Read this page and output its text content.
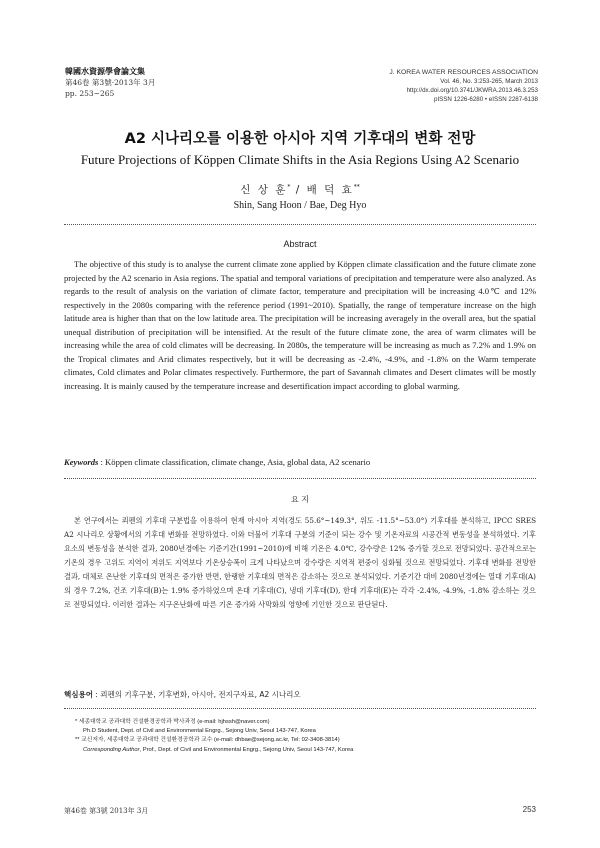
韓國水資源學會論文集
第46卷 第3號·2013年 3月
pp. 253~265
J. KOREA WATER RESOURCES ASSOCIATION
Vol. 46, No. 3:253-265, March 2013
http://dx.doi.org/10.3741/JKWRA.2013.46.3.253
pISSN 1226-6280 • eISSN 2287-6138
A2 시나리오를 이용한 아시아 지역 기후대의 변화 전망
Future Projections of Köppen Climate Shifts in the Asia Regions Using A2 Scenario
신 상 훈* / 배 덕 효**
Shin, Sang Hoon / Bae, Deg Hyo
Abstract
The objective of this study is to analyse the current climate zone applied by Köppen climate classification and the future climate zone projected by the A2 scenario in Asia regions. The spatial and temporal variations of precipitation and temperature were also analyzed. As regards to the result of analysis on the variation of climate factor, temperature and precipitation will be increasing 4.0℃ and 12% respectively in the 2080s comparing with the reference period (1991~2010). Spatially, the range of temperature increase on the high latitude area is higher than that on the low latitude area. The precipitation will be increasing averagely in the overall area, but the spatial unequal distribution of precipitation will be intensified. At the result of the future climate zone, the area of warm climates will be increasing while the area of cold climates will be decreasing. In 2080s, the temperature will be increasing as much as 7.2% and 1.9% on the Tropical climates and Arid climates respectively, but it will be decreasing as -2.4%, -4.9%, and -1.8% on the Warm temperate climates, Cold climates and Polar climates respectively. Furthermore, the part of Savannah climates and Desert climates will be mostly increasing. It is mainly caused by the temperature increase and desertification impact according to global warming.
Keywords : Köppen climate classification, climate change, Asia, global data, A2 scenario
요 지
본 연구에서는 쾨펜의 기후대 구분법을 이용하여 현재 아시아 지역(경도 55.6°~149.3°, 위도 -11.5°~53.0°) 기후대를 분석하고, IPCC SRES A2 시나리오 상황에서의 기후대 변화를 전망하였다. 이와 더불어 기후대 구분의 기준이 되는 강수 및 기온자료의 시공간적 변동성을 분석하였다. 기후요소의 변동성을 분석한 결과, 2080년경에는 기준기간(1991~2010)에 비해 기온은 4.0℃, 강수량은 12% 증가할 것으로 전망되었다. 공간적으로는 기온의 경우 고위도 지역이 저위도 지역보다 기온상승폭이 크게 나타났으며 강수량은 지역적 편중이 심화될 것으로 전망되었다. 기후대 변화를 전망한 결과, 대체로 온난한 기후대의 면적은 증가한 반면, 한랭한 기후대의 면적은 감소하는 것으로 분석되었다. 기준기간 대비 2080년경에는 열대 기후대(A)의 경우 7.2%, 건조 기후대(B)는 1.9% 증가하였으며 온대 기후대(C), 냉대 기후대(D), 한대 기후대(E)는 각각 -2.4%, -4.9%, -1.8% 감소하는 것으로 전망되었다. 이러한 결과는 지구온난화에 따른 기온 증가와 사막화의 영향에 기인한 것으로 판단된다.
핵심용어 : 쾨펜의 기후구분, 기후변화, 아시아, 전지구자료, A2 시나리오
* 세종대학교 공과대학 건설환경공학과 박사과정 (e-mail: hjhssh@naver.com)
Ph.D Student, Dept. of Civil and Environmental Engrg., Sejong Univ, Seoul 143-747, Korea
** 교신저자, 세종대학교 공과대학 건설환경공학과 교수 (e-mail: dhbae@sejong.ac.kr, Tel: 02-3408-3814)
Corresponding Author, Prof., Dept. of Civil and Environmental Engrg., Sejong Univ, Seoul 143-747, Korea
第46卷 第3號 2013年 3月	253
